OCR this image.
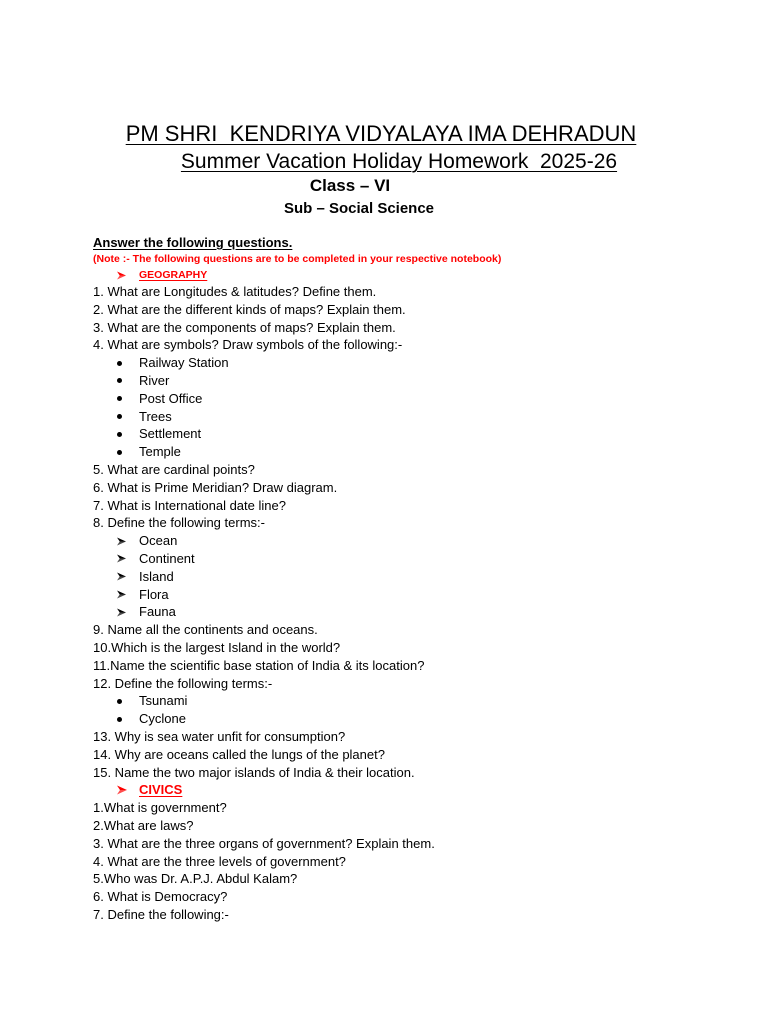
PM SHRI  KENDRIYA VIDYALAYA IMA DEHRADUN
Summer Vacation Holiday Homework  2025-26
Class – VI
Sub – Social Science
Answer the following questions.
(Note :- The following questions are to be completed in your respective notebook)
GEOGRAPHY
1. What are Longitudes & latitudes? Define them.
2. What are the different kinds of maps? Explain them.
3. What are the components of maps? Explain them.
4. What are symbols? Draw symbols of the following:-
Railway Station
River
Post Office
Trees
Settlement
Temple
5. What are cardinal points?
6. What is Prime Meridian? Draw diagram.
7. What is International date line?
8. Define the following terms:-
Ocean
Continent
Island
Flora
Fauna
9. Name all the continents and oceans.
10.Which is the largest Island in the world?
11.Name the scientific base station of India & its location?
12. Define the following terms:-
Tsunami
Cyclone
13. Why is sea water unfit for consumption?
14. Why are oceans called the lungs of the planet?
15. Name the two major islands of India & their location.
CIVICS
1.What is government?
2.What are laws?
3. What are the three organs of government? Explain them.
4. What are the three levels of government?
5.Who was Dr. A.P.J. Abdul Kalam?
6. What is Democracy?
7. Define the following:-
